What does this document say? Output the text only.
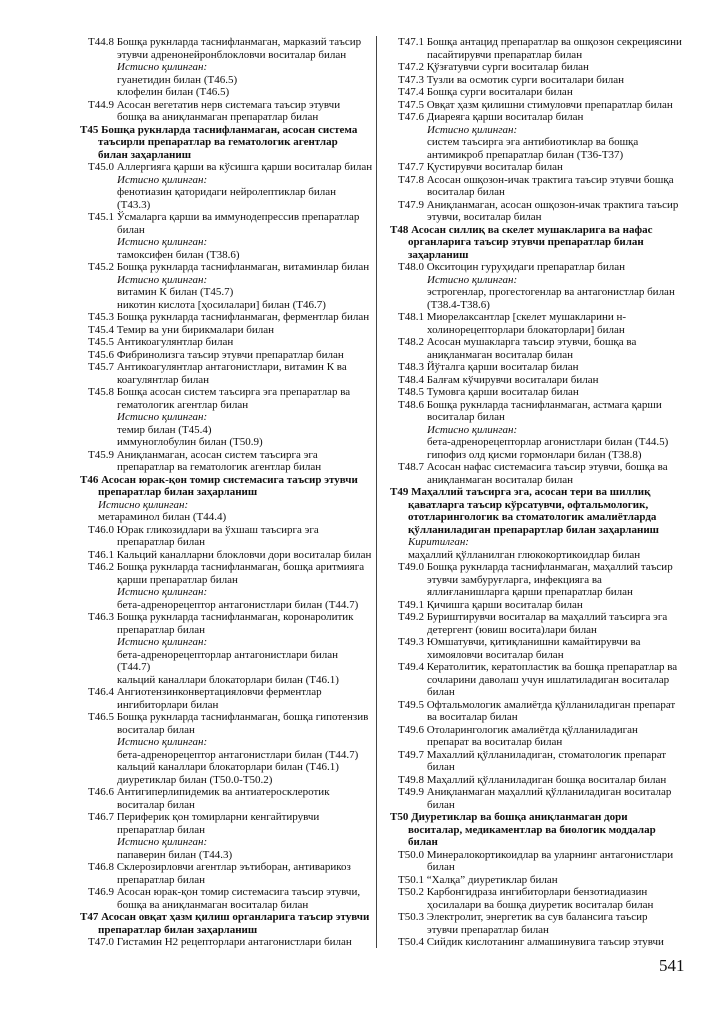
Т44.8 Бошқа рукнларда таснифланмаган, марказий таъсир
этувчи адренонейронблокловчи воситалар билан
Истисно қилинган:
гуанетидин билан (Т46.5)
клофелин билан (Т46.5)
Т44.9 Асосан вегетатив нерв системага таъсир этувчи
бошқа ва аниқланмаган препаратлар билан
Т45 Бошқа рукнларда таснифланмаган, асосан система
таъсирли препаратлар ва гематологик агентлар
билан заҳарланиш
Т45.0 Аллергияга қарши ва кўсишга қарши воситалар билан
Истисно қилинган:
фенотиазин қаторидаги нейролептиклар билан
(Т43.3)
Т45.1 Ўсмаларга қарши ва иммунодепрессив препаратлар
билан
Истисно қилинган:
тамоксифен билан (Т38.6)
Т45.2 Бошқа рукнларда таснифланмаган, витаминлар билан
Истисно қилинган:
витамин К билан (Т45.7)
никотин кислота [ҳосилалари] билан (Т46.7)
Т45.3 Бошқа рукнларда таснифланмаган, ферментлар билан
Т45.4 Темир ва уни бирикмалари билан
Т45.5 Антикоагулянтлар билан
Т45.6 Фибринолизга таъсир этувчи препаратлар билан
Т45.7 Антикоагулянтлар антагонистлари, витамин К ва
коагулянтлар билан
Т45.8 Бошқа асосан систем таъсирга эга препаратлар ва
гематологик агентлар билан
Истисно қилинган:
темир билан (Т45.4)
иммуноглобулин билан (Т50.9)
Т45.9 Аниқланмаган, асосан систем таъсирга эга
препаратлар ва гематологик агентлар билан
Т46 Асосан юрак-қон томир системасига таъсир этувчи
препаратлар билан заҳарланиш
Истисно қилинган:
метараминол билан (Т44.4)
Т46.0 Юрак гликозидлари ва ўхшаш таъсирга эга
препаратлар билан
Т46.1 Кальций каналларни блокловчи дори воситалар билан
Т46.2 Бошқа рукнларда таснифланмаган, бошқа аритмияга
қарши препаратлар билан
Истисно қилинган:
бета-адренорецептор антагонистлари билан (Т44.7)
Т46.3 Бошқа рукнларда таснифланмаган, коронаролитик
препаратлар билан
Истисно қилинган:
бета-адренорецепторлар антагонистлари билан
(Т44.7)
кальций каналлари блокаторлари билан (Т46.1)
Т46.4 Ангиотензинконвертацияловчи ферментлар
ингибиторлари билан
Т46.5 Бошқа рукнларда таснифланмаган, бошқа гипотензив
воситалар билан
Истисно қилинган:
бета-адренорецептор антагонистлари билан (Т44.7)
кальций каналлари блокаторлари билан (Т46.1)
диуретиклар билан (Т50.0-Т50.2)
Т46.6 Антигиперлипидемик ва антиатеросклеротик
воситалар билан
Т46.7 Периферик қон томирларни кенгайтирувчи
препаратлар билан
Истисно қилинган:
папаверин билан (Т44.3)
Т46.8 Склерозирловчи агентлар эътиборан, антиварикоз
препаратлар билан
Т46.9 Асосан юрак-қон томир системасига таъсир этувчи,
бошқа ва аниқланмаган воситалар билан
Т47 Асосан овқат ҳазм қилиш органларига таъсир этувчи
препаратлар билан заҳарланиш
Т47.0 Гистамин Н2 рецепторлари антагонистлари билан
Т47.1 Бошқа антацид препаратлар ва ошқозон секрециясини
пасайтирувчи препаратлар билан
Т47.2 Қўзғатувчи сурги воситалар билан
Т47.3 Тузли ва осмотик сурги воситалари билан
Т47.4 Бошқа сурги воситалари билан
Т47.5 Овқат ҳазм қилишни стимуловчи препаратлар билан
Т47.6 Диареяга қарши воситалар билан
Истисно қилинган:
систем таъсирга эга антибиотиклар ва бошқа
антимикроб препаратлар билан (Т36-Т37)
Т47.7 Қустирувчи воситалар билан
Т47.8 Асосан ошқозон-ичак трактига таъсир этувчи бошқа
воситалар билан
Т47.9 Аниқланмаган, асосан ошқозон-ичак трактига таъсир
этувчи, воситалар билан
Т48 Асосан силлиқ ва скелет мушакларига ва нафас
органларига таъсир этувчи препаратлар билан
заҳарланиш
Т48.0 Окситоцин гуруҳидаги препаратлар билан
Истисно қилинган:
эстрогенлар, прогестогенлар ва антагонистлар билан
(Т38.4-Т38.6)
Т48.1 Миорелаксантлар [скелет мушакларини н-
холинорецепторлари блокаторлари] билан
Т48.2 Асосан мушакларга таъсир этувчи, бошқа ва
аниқланмаган воситалар билан
Т48.3 Йўталга қарши воситалар билан
Т48.4 Балғам кўчирувчи воситалари билан
Т48.5 Тумовга қарши воситалар билан
Т48.6 Бошқа рукнларда таснифланмаган, астмага қарши
воситалар билан
Истисно қилинган:
бета-адренорецепторлар агонистлари билан (Т44.5)
гипофиз олд қисми гормонлари билан (Т38.8)
Т48.7 Асосан нафас системасига таъсир этувчи, бошқа ва
аниқланмаган воситалар билан
Т49 Маҳаллий таъсирга эга, асосан тери ва шиллиқ
қаватларга таъсир кўрсатувчи, офтальмологик,
ототларингологик ва стоматологик амалиётларда
қўлланиладиган препарартлар билан заҳарланиш
Киритилган:
маҳаллий қўлланилган глюкокортикоидлар билан
Т49.0 Бошқа рукнларда таснифланмаган, маҳаллий таъсир
этувчи замбуруғларга, инфекцияга ва
яллиғланишларга қарши препаратлар билан
Т49.1 Қичишга қарши воситалар билан
Т49.2 Буриштирувчи воситалар ва маҳаллий таъсирга эга
детергент (ювиш восита)лари билан
Т49.3 Юмшатувчи, қитиқланишни камайтирувчи ва
химояловчи воситалар билан
Т49.4 Кератолитик, кератопластик ва бошқа препаратлар ва
сочларини даволаш учун ишлатиладиган воситалар
билан
Т49.5 Офтальмологик амалиётда қўлланиладиган препарат
ва воситалар билан
Т49.6 Отоларингологик амалиётда қўлланиладиган
препарат ва воситалар билан
Т49.7 Махаллий қўлланиладиган, стоматологик препарат
билан
Т49.8 Маҳаллий қўлланиладиган бошқа воситалар билан
Т49.9 Аниқланмаган маҳаллий қўлланиладиган воситалар
билан
Т50 Диуретиклар ва бошқа аниқланмаган дори
воситалар, медикаментлар ва биологик моддалар
билан
Т50.0 Минералокортикоидлар ва уларнинг антагонистлари
билан
Т50.1 “Халқа” диуретиклар билан
Т50.2 Карбонгидраза ингибиторлари бензотиадиазин
ҳосилалари ва бошқа диуретик воситалар билан
Т50.3 Электролит, энергетик ва сув балансига таъсир
этувчи препаратлар билан
Т50.4 Сийдик кислотанинг алмашинувига таъсир этувчи
541
